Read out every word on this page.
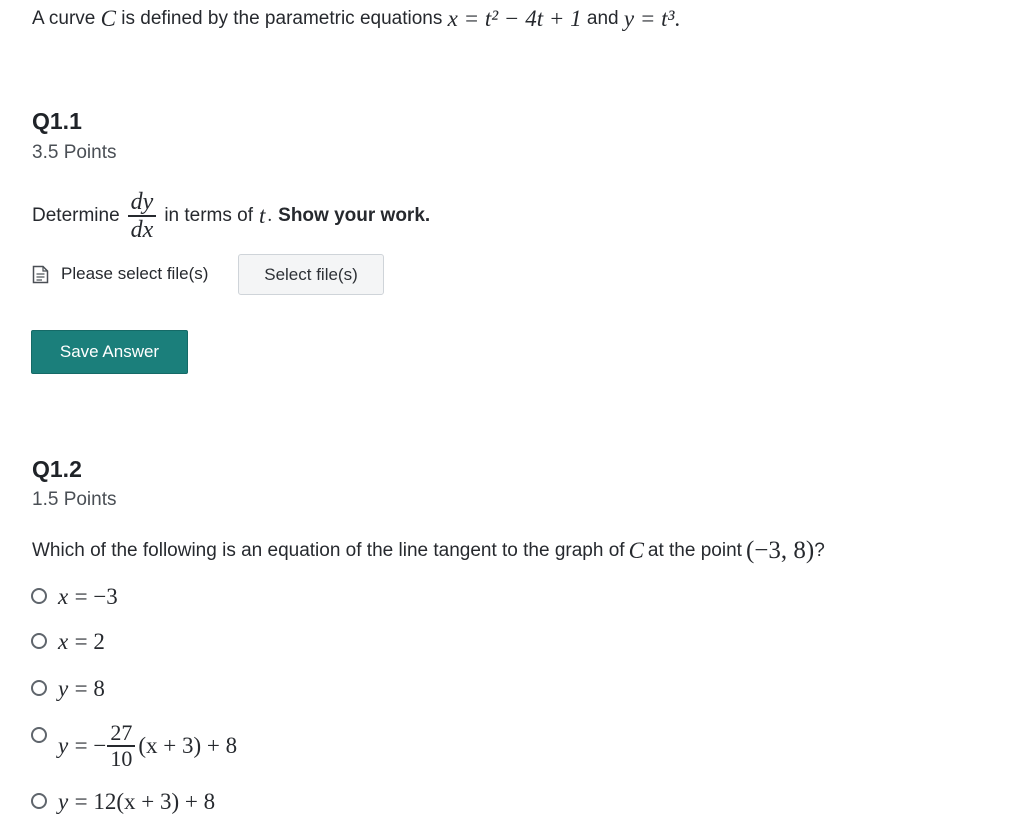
A curve
C
is defined by the parametric equations
x = t² − 4t + 1
and
y = t³ .
Q1.1
3.5 Points
Determine $\frac{dy}{dx}$ in terms of t . Show your work.
Please select file(s)	Select file(s)
Save Answer
Q1.2
1.5 Points
Which of the following is an equation of the line tangent to the graph of C at the point (−3, 8) ?
x = −3
x = 2
y = 8
y
= − $\frac{27}{10} (x + 3) + 8$
y = 12(x + 3) + 8
